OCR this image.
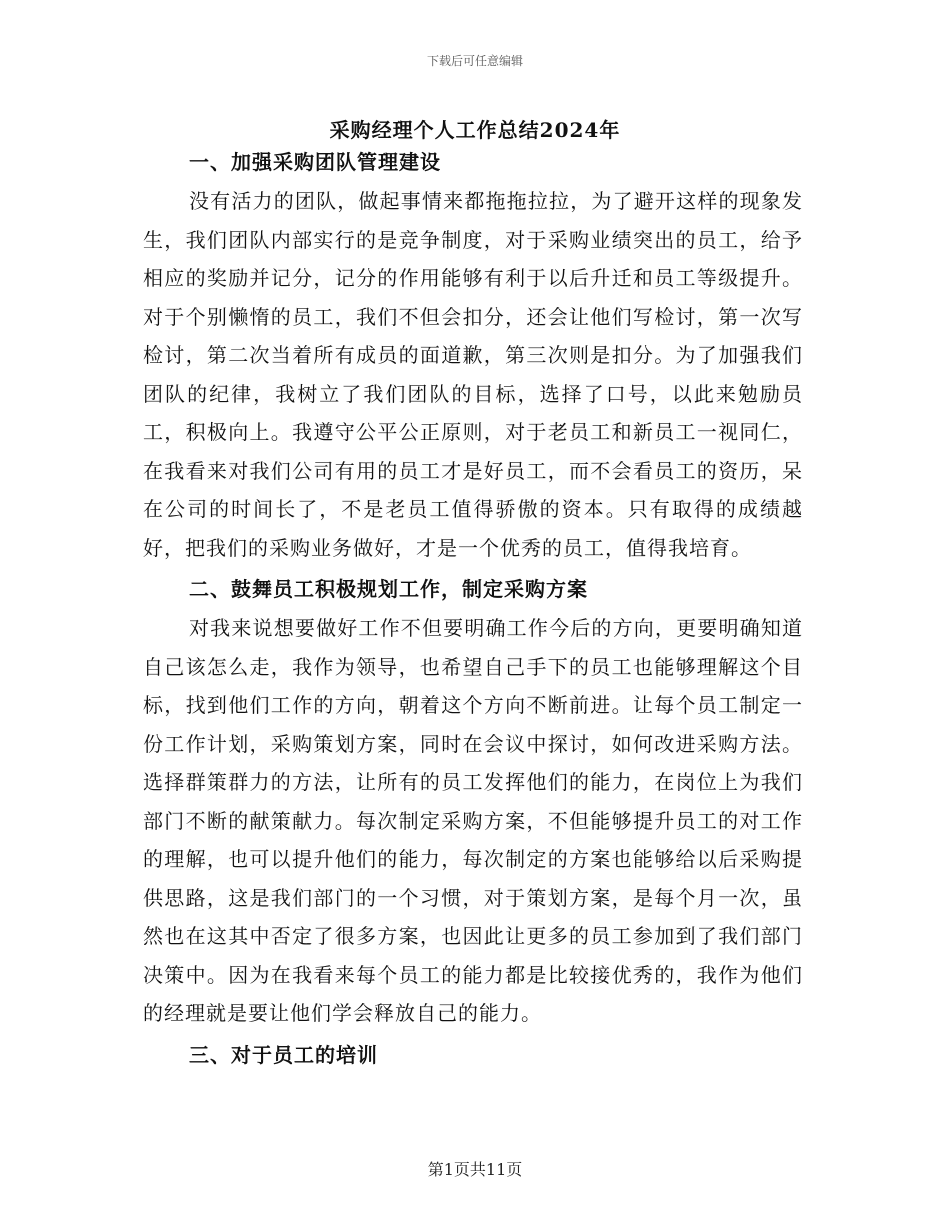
下载后可任意编辑
采购经理个人工作总结2024年
一、加强采购团队管理建设

没有活力的团队，做起事情来都拖拖拉拉，为了避开这样的现象发生，我们团队内部实行的是竞争制度，对于采购业绩突出的员工，给予相应的奖励并记分，记分的作用能够有利于以后升迁和员工等级提升。对于个别懒惰的员工，我们不但会扣分，还会让他们写检讨，第一次写检讨，第二次当着所有成员的面道歉，第三次则是扣分。为了加强我们团队的纪律，我树立了我们团队的目标，选择了口号，以此来勉励员工，积极向上。我遵守公平公正原则，对于老员工和新员工一视同仁，在我看来对我们公司有用的员工才是好员工，而不会看员工的资历，呆在公司的时间长了，不是老员工值得骄傲的资本。只有取得的成绩越好，把我们的采购业务做好，才是一个优秀的员工，值得我培育。

二、鼓舞员工积极规划工作，制定采购方案

对我来说想要做好工作不但要明确工作今后的方向，更要明确知道自己该怎么走，我作为领导，也希望自己手下的员工也能够理解这个目标，找到他们工作的方向，朝着这个方向不断前进。让每个员工制定一份工作计划，采购策划方案，同时在会议中探讨，如何改进采购方法。选择群策群力的方法，让所有的员工发挥他们的能力，在岗位上为我们部门不断的献策献力。每次制定采购方案，不但能够提升员工的对工作的理解，也可以提升他们的能力，每次制定的方案也能够给以后采购提供思路，这是我们部门的一个习惯，对于策划方案，是每个月一次，虽然也在这其中否定了很多方案，也因此让更多的员工参加到了我们部门决策中。因为在我看来每个员工的能力都是比较接优秀的，我作为他们的经理就是要让他们学会释放自己的能力。

三、对于员工的培训
第1页共11页
